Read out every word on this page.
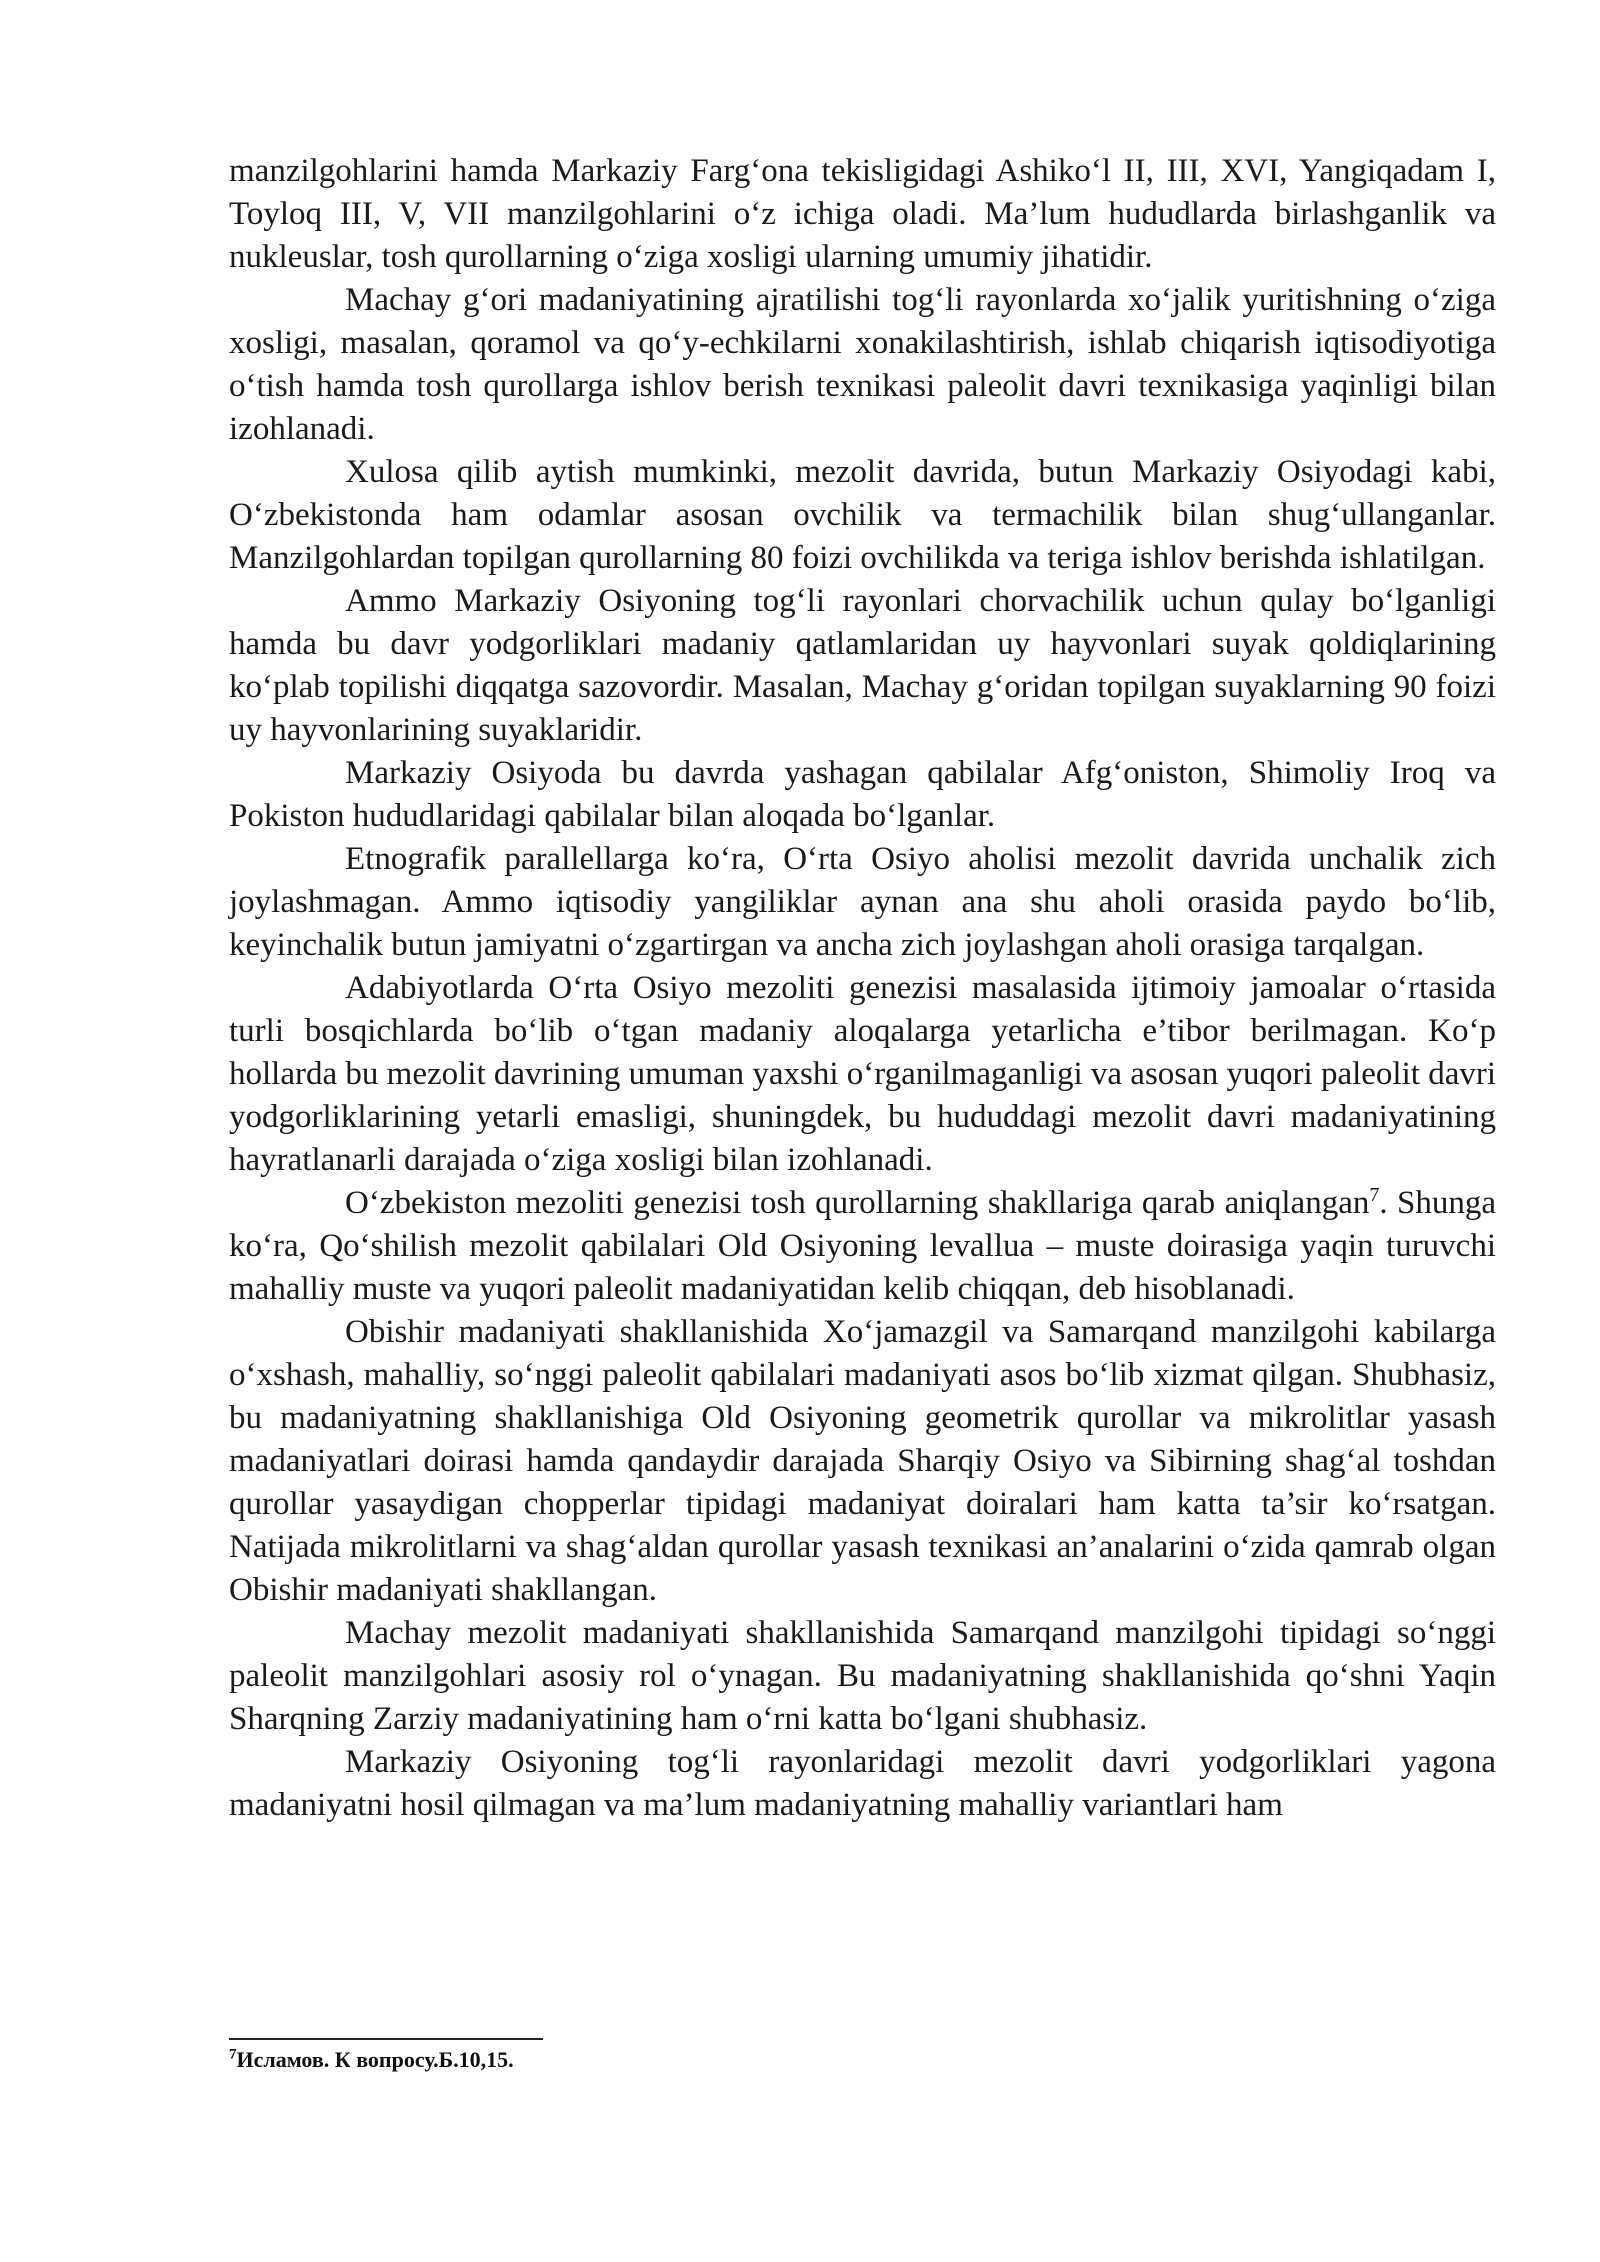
manzilgohlarini hamda Markaziy Farg‘ona tekisligidagi Ashiko‘l II, III, XVI, Yangiqadam I, Toyloq III, V, VII manzilgohlarini o‘z ichiga oladi. Ma’lum hududlarda birlashganlik va nukleuslar, tosh qurollarning o‘ziga xosligi ularning umumiy jihatidir.

Machay g‘ori madaniyatining ajratilishi tog‘li rayonlarda xo‘jalik yuritishning o‘ziga xosligi, masalan, qoramol va qo‘y-echkilarni xonakilashtirish, ishlab chiqarish iqtisodiyotiga o‘tish hamda tosh qurollarga ishlov berish texnikasi paleolit davri texnikasiga yaqinligi bilan izohlanadi.

Xulosa qilib aytish mumkinki, mezolit davrida, butun Markaziy Osiyodagi kabi, O‘zbekistonda ham odamlar asosan ovchilik va termachilik bilan shug‘ullanganlar. Manzilgohlardan topilgan qurollarning 80 foizi ovchilikda va teriga ishlov berishda ishlatilgan.

Ammo Markaziy Osiyoning tog‘li rayonlari chorvachilik uchun qulay bo‘lganligi hamda bu davr yodgorliklari madaniy qatlamlaridan uy hayvonlari suyak qoldiqlarining ko‘plab topilishi diqqatga sazovordir. Masalan, Machay g‘oridan topilgan suyaklarning 90 foizi uy hayvonlarining suyaklaridir.

Markaziy Osiyoda bu davrda yashagan qabilalar Afg‘oniston, Shimoliy Iroq va Pokiston hududlaridagi qabilalar bilan aloqada bo‘lganlar.

Etnografik parallellarga ko‘ra, O‘rta Osiyo aholisi mezolit davrida unchalik zich joylashmagan. Ammo iqtisodiy yangiliklar aynan ana shu aholi orasida paydo bo‘lib, keyinchalik butun jamiyatni o‘zgartirgan va ancha zich joylashgan aholi orasiga tarqalgan.

Adabiyotlarda O‘rta Osiyo mezoliti genezisi masalasida ijtimoiy jamoalar o‘rtasida turli bosqichlarda bo‘lib o‘tgan madaniy aloqalarga yetarlicha e’tibor berilmagan. Ko‘p hollarda bu mezolit davrining umuman yaxshi o‘rganilmaganligi va asosan yuqori paleolit davri yodgorliklarining yetarli emasligi, shuningdek, bu hududdagi mezolit davri madaniyatining hayratlanarli darajada o‘ziga xosligi bilan izohlanadi.

O‘zbekiston mezoliti genezisi tosh qurollarning shakllariga qarab aniqlangan$^7$. Shunga ko‘ra, Qo‘shilish mezolit qabilalari Old Osiyoning levallua – muste doirasiga yaqin turuvchi mahalliy muste va yuqori paleolit madaniyatidan kelib chiqqan, deb hisoblanadi.

Obishir madaniyati shakllanishida Xo‘jamazgil va Samarqand manzilgohi kabilarga o‘xshash, mahalliy, so‘nggi paleolit qabilalari madaniyati asos bo‘lib xizmat qilgan. Shubhasiz, bu madaniyatning shakllanishiga Old Osiyoning geometrik qurollar va mikrolitlar yasash madaniyatlari doirasi hamda qandaydir darajada Sharqiy Osiyo va Sibirning shag‘al toshdan qurollar yasaydigan chopperlar tipidagi madaniyat doiralari ham katta ta’sir ko‘rsatgan. Natijada mikrolitlarni va shag‘aldan qurollar yasash texnikasi an’analarini o‘zida qamrab olgan Obishir madaniyati shakllangan.

Machay mezolit madaniyati shakllanishida Samarqand manzilgohi tipidagi so‘nggi paleolit manzilgohlari asosiy rol o‘ynagan. Bu madaniyatning shakllanishida qo‘shni Yaqin Sharqning Zarziy madaniyatining ham o‘rni katta bo‘lgani shubhasiz.

Markaziy Osiyoning tog‘li rayonlaridagi mezolit davri yodgorliklari yagona madaniyatni hosil qilmagan va ma’lum madaniyatning mahalliy variantlari ham

$^7$Исламов. К вопросу.Б.10,15.
